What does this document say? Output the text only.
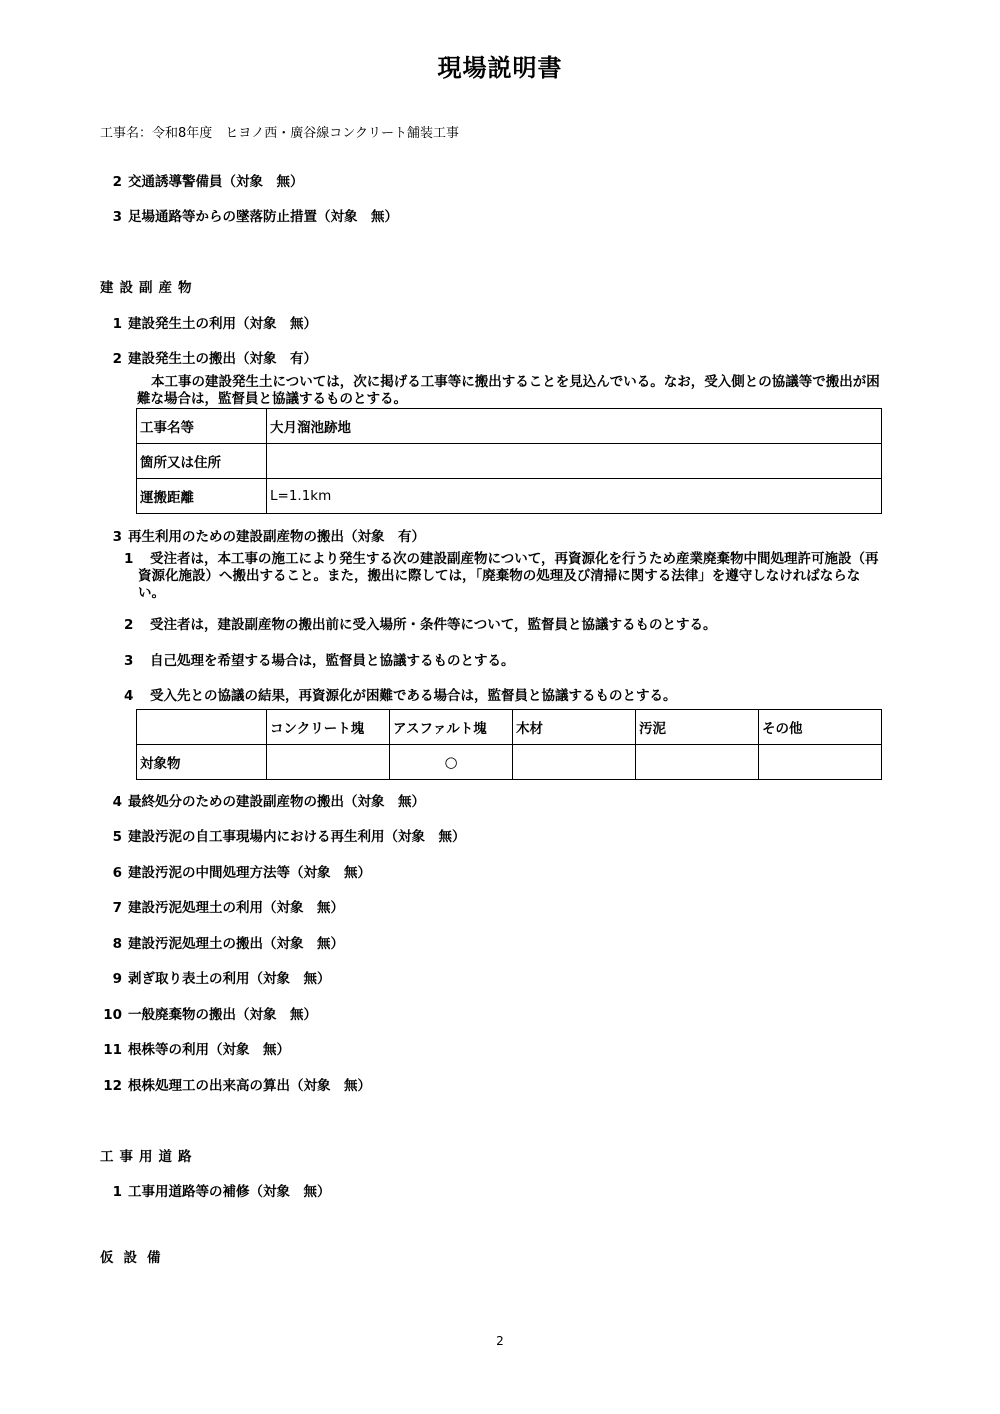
現場説明書
工事名：令和8年度　ヒヨノ西・廣谷線コンクリート舗装工事
2 交通誘導警備員（対象　無）
3 足場通路等からの墜落防止措置（対象　無）
建設副産物
1 建設発生土の利用（対象　無）
2 建設発生土の搬出（対象　有）
本工事の建設発生土については，次に掲げる工事等に搬出することを見込んでいる。なお，受入側との協議等で搬出が困難な場合は，監督員と協議するものとする。
工事名等	大月溜池跡地
箇所又は住所	
運搬距離	L=1.1km
3 再生利用のための建設副産物の搬出（対象　有）
1	受注者は，本工事の施工により発生する次の建設副産物について，再資源化を行うため産業廃棄物中間処理許可施設（再資源化施設）へ搬出すること。また，搬出に際しては，「廃棄物の処理及び清掃に関する法律」を遵守しなければならない。
2 受注者は，建設副産物の搬出前に受入場所・条件等について，監督員と協議するものとする。
3 自己処理を希望する場合は，監督員と協議するものとする。
4 受入先との協議の結果，再資源化が困難である場合は，監督員と協議するものとする。
	コンクリート塊	アスファルト塊	木材	汚泥	その他
対象物		○			
4 最終処分のための建設副産物の搬出（対象　無）
5 建設汚泥の自工事現場内における再生利用（対象　無）
6 建設汚泥の中間処理方法等（対象　無）
7 建設汚泥処理土の利用（対象　無）
8 建設汚泥処理土の搬出（対象　無）
9 剥ぎ取り表土の利用（対象　無）
10 一般廃棄物の搬出（対象　無）
11 根株等の利用（対象　無）
12 根株処理工の出来高の算出（対象　無）
工事用道路
1 工事用道路等の補修（対象　無）
仮設備
2
